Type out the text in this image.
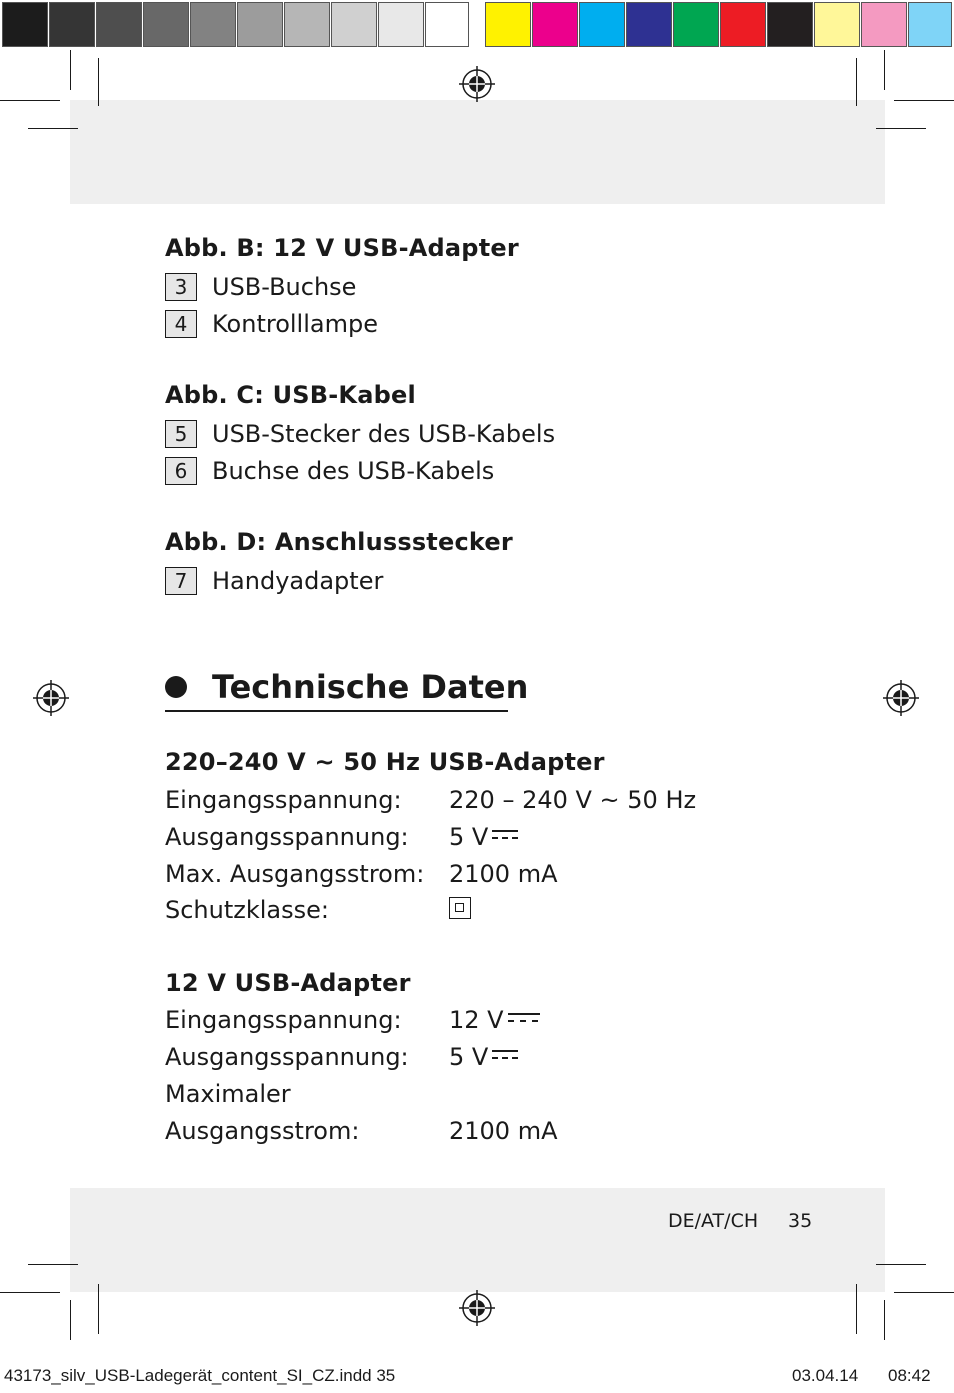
Abb. B: 12 V USB-Adapter
3	USB-Buchse
4	Kontrolllampe
Abb. C: USB-Kabel
5	USB-Stecker des USB-Kabels
6	Buchse des USB-Kabels
Abb. D: Anschlussstecker
7	Handyadapter
Technische Daten
220–240 V ~ 50 Hz USB-Adapter
Eingangsspannung: 220 – 240 V ~ 50 Hz
Ausgangsspannung: 5 V
Max. Ausgangsstrom: 2100 mA
Schutzklasse:
12 V USB-Adapter
Eingangsspannung: 12 V
Ausgangsspannung: 5 V
Maximaler
Ausgangsstrom:	2100 mA
DE/AT/CH 35
43173_silv_USB-Ladegerät_content_SI_CZ.indd 35	03.04.14 08:42
